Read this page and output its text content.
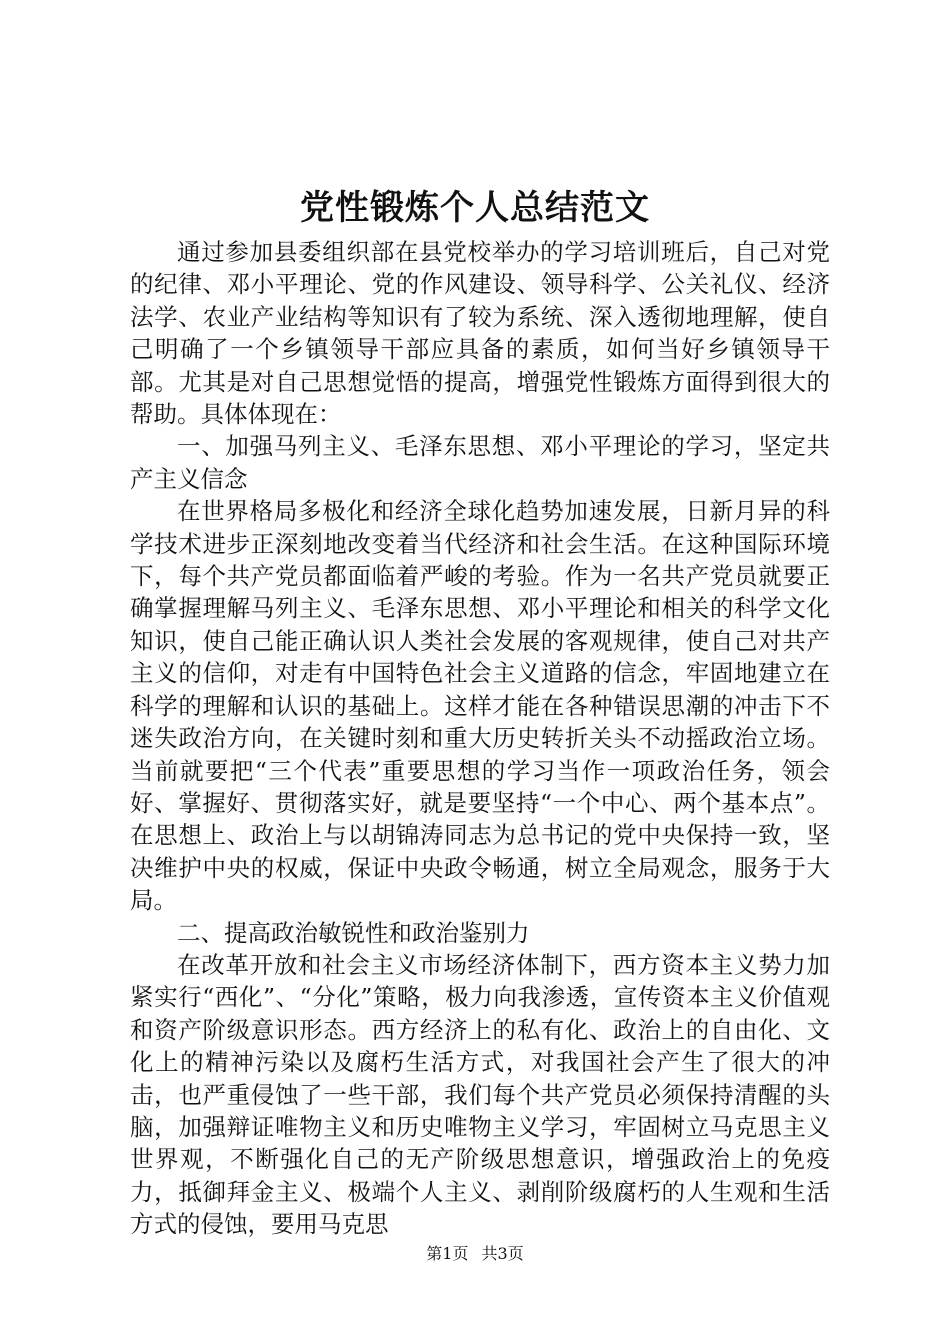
党性锻炼个人总结范文

通过参加县委组织部在县党校举办的学习培训班后，自己对党的纪律、邓小平理论、党的作风建设、领导科学、公关礼仪、经济法学、农业产业结构等知识有了较为系统、深入透彻地理解，使自己明确了一个乡镇领导干部应具备的素质，如何当好乡镇领导干部。尤其是对自己思想觉悟的提高，增强党性锻炼方面得到很大的帮助。具体体现在：

一、加强马列主义、毛泽东思想、邓小平理论的学习，坚定共产主义信念

在世界格局多极化和经济全球化趋势加速发展，日新月异的科学技术进步正深刻地改变着当代经济和社会生活。在这种国际环境下，每个共产党员都面临着严峻的考验。作为一名共产党员就要正确掌握理解马列主义、毛泽东思想、邓小平理论和相关的科学文化知识，使自己能正确认识人类社会发展的客观规律，使自己对共产主义的信仰，对走有中国特色社会主义道路的信念，牢固地建立在科学的理解和认识的基础上。这样才能在各种错误思潮的冲击下不迷失政治方向，在关键时刻和重大历史转折关头不动摇政治立场。当前就要把“三个代表”重要思想的学习当作一项政治任务，领会好、掌握好、贯彻落实好，就是要坚持“一个中心、两个基本点”。在思想上、政治上与以胡锦涛同志为总书记的党中央保持一致，坚决维护中央的权威，保证中央政令畅通，树立全局观念，服务于大局。

二、提高政治敏锐性和政治鉴别力

在改革开放和社会主义市场经济体制下，西方资本主义势力加紧实行“西化”、“分化”策略，极力向我渗透，宣传资本主义价值观和资产阶级意识形态。西方经济上的私有化、政治上的自由化、文化上的精神污染以及腐朽生活方式，对我国社会产生了很大的冲击，也严重侵蚀了一些干部，我们每个共产党员必须保持清醒的头脑，加强辩证唯物主义和历史唯物主义学习，牢固树立马克思主义世界观，不断强化自己的无产阶级思想意识，增强政治上的免疫力，抵御拜金主义、极端个人主义、剥削阶级腐朽的人生观和生活方式的侵蚀，要用马克思

第1页 共3页
